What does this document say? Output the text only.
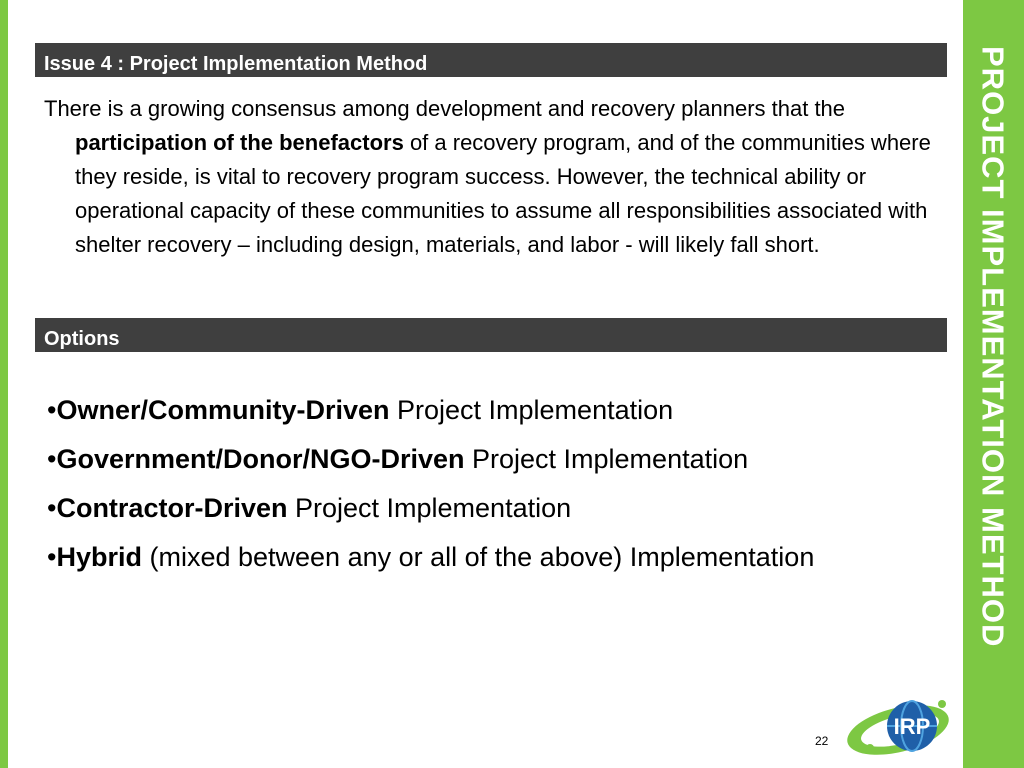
PROJECT IMPLEMENTATION METHOD
Issue 4 : Project Implementation Method

There is a growing consensus among development and recovery planners that the participation of the benefactors of a recovery program, and of the communities where they reside, is vital to recovery program success. However, the technical ability or operational capacity of these communities to assume all responsibilities associated with shelter recovery – including design, materials, and labor - will likely fall short.

Options
•Owner/Community-Driven Project Implementation
•Government/Donor/NGO-Driven Project Implementation
•Contractor-Driven Project Implementation
•Hybrid (mixed between any or all of the above) Implementation
22
IRP
